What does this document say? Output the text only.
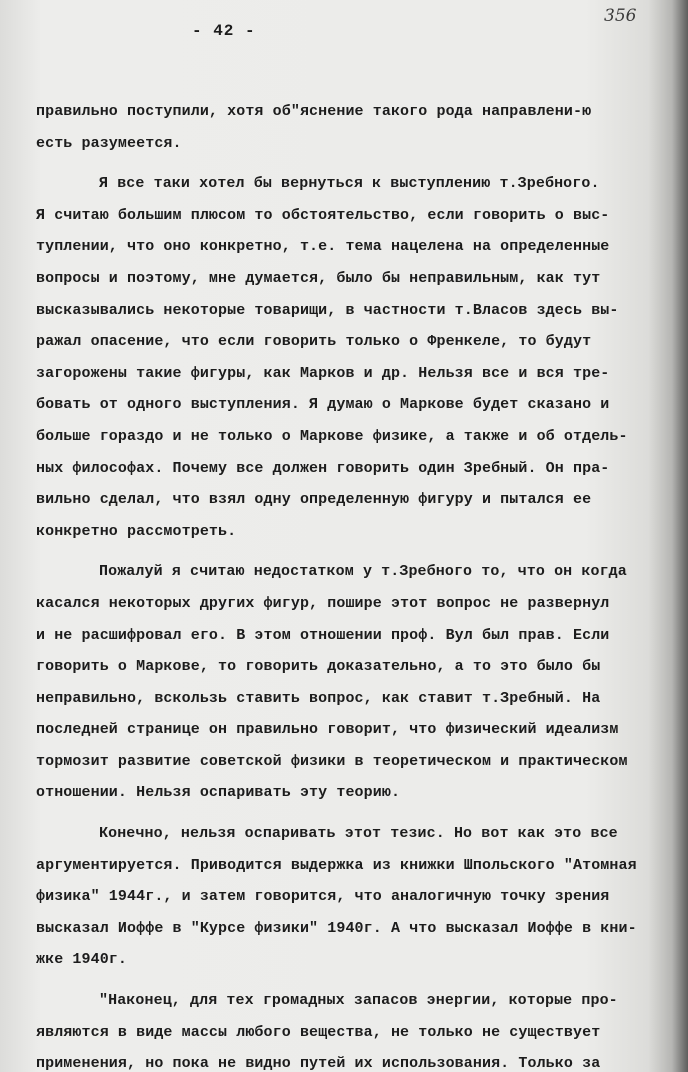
- 42 -
356
правильно поступили, хотя об"яснение такого рода направлени-ю
есть разумеется.
Я все таки хотел бы вернуться к выступлению т.Зребного.
Я считаю большим плюсом то обстоятельство, если говорить о выс-
туплении, что оно конкретно, т.е. тема нацелена на определенные
вопросы и поэтому, мне думается, было бы неправильным, как тут
высказывались некоторые товарищи, в частности т.Власов здесь вы-
ражал опасение, что если говорить только о Френкеле, то будут
загорожены такие фигуры, как Марков и др. Нельзя все и вся тре-
бовать от одного выступления. Я думаю о Маркове будет сказано и
больше гораздо и не только о Маркове физике, а также и об отдель-
ных философах. Почему все должен говорить один Зребный. Он пра-
вильно сделал, что взял одну определенную фигуру и пытался ее
конкретно рассмотреть.
Пожалуй я считаю недостатком у т.Зребного то, что он когда
касался некоторых других фигур, пошире этот вопрос не развернул
и не расшифровал его. В этом отношении проф. Вул был прав. Если
говорить о Маркове, то говорить доказательно, а то это было бы
неправильно, вскользь ставить вопрос, как ставит т.Зребный. На
последней странице он правильно говорит, что физический идеализм
тормозит развитие советской физики в теоретическом и практическом
отношении. Нельзя оспаривать эту теорию.
Конечно, нельзя оспаривать этот тезис. Но вот как это все
аргументируется. Приводится выдержка из книжки Шпольского "Атомная
физика" 1944г., и затем говорится, что аналогичную точку зрения
высказал Иоффе в "Курсе физики" 1940г. А что высказал Иоффе в кни-
жке 1940г.
"Наконец, для тех громадных запасов энергии, которые про-
являются в виде массы любого вещества, не только не существует
применения, но пока не видно путей их использования. Только за
